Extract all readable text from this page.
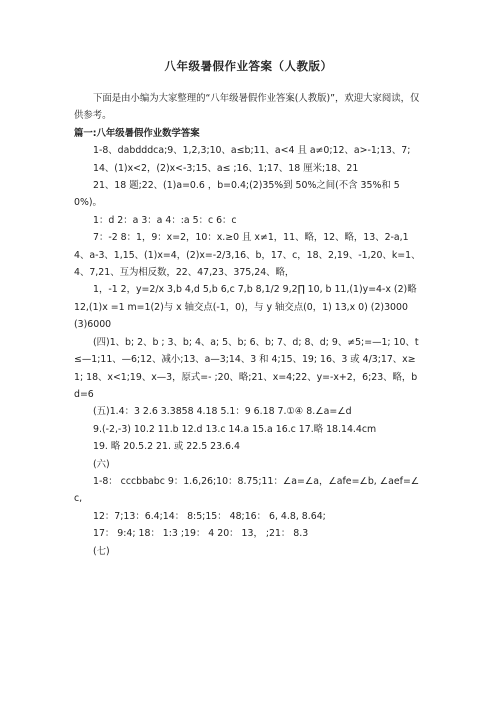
八年级暑假作业答案（人教版）

下面是由小编为大家整理的“八年级暑假作业答案(人教版)”，欢迎大家阅读，仅供参考。

篇一:八年级暑假作业数学答案

1-8、dabdddca;9、1,2,3;10、a≤b;11、a<4 且 a≠0;12、a>-1;13、7;

14、(1)x<2，(2)x<-3;15、a≤ ;16、1;17、18 厘米;18、21

21、18 题;22、(1)a=0.6 ，b=0.4;(2)35%到 50%之间(不含 35%和 50%)。

1：d 2：a 3：a 4：:a 5：c 6：c

7：-2 8：1，9：x=2，10：x.≥0 且 x≠1，11、略，12、略，13、2-a,14、a-3、1,15、(1)x=4，(2)x=-2/3,16、b，17、c，18、2,19、-1,20、k=1、4、7,21、互为相反数，22、47,23、375,24、略，

1，-1 2，y=2/x 3,b 4,d 5,b 6,c 7,b 8,1/2 9,2∏ 10, b 11,(1)y=4-x (2)略 12,(1)x =1 m=1(2)与 x 轴交点(-1，0)，与 y 轴交点(0，1) 13,x 0) (2)3000 (3)6000

(四)1、b; 2、b ; 3、b; 4、a; 5、b; 6、b; 7、d; 8、d; 9、≠5;=—1; 10、t≤—1;11、—6;12、减小;13、a—3;14、3 和 4;15、19; 16、3 或 4/3;17、x≥1; 18、x<1;19、x—3，原式=- ;20、略;21、x=4;22、y=-x+2，6;23、略，bd=6

(五)1.4：3 2.6 3.3858 4.18 5.1：9 6.18 7.①④ 8.∠a=∠d

9.(-2,-3) 10.2 11.b 12.d 13.c 14.a 15.a 16.c 17.略 18.14.4cm

19. 略 20.5.2 21. 或 22.5 23.6.4

(六)

1-8： cccbbabc 9：1.6,26;10：8.75;11：∠a=∠a，∠afe=∠b, ∠aef=∠c,

12：7;13：6.4;14： 8:5;15： 48;16： 6, 4.8, 8.64;

17： 9:4; 18： 1:3 ;19： 4 20： 13， ;21： 8.3

(七)
